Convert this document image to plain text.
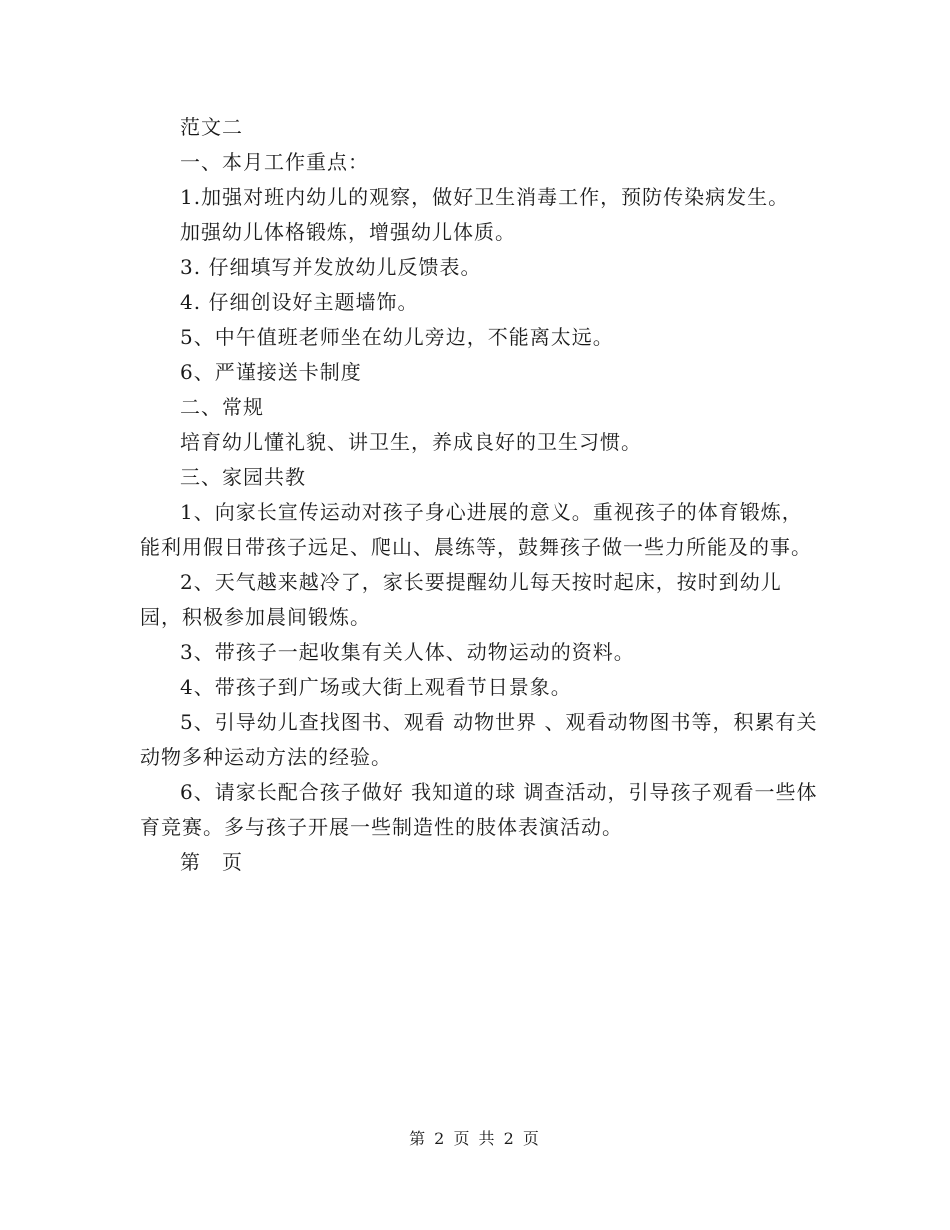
范文二

一、本月工作重点：

1.加强对班内幼儿的观察，做好卫生消毒工作，预防传染病发生。

加强幼儿体格锻炼，增强幼儿体质。

3. 仔细填写并发放幼儿反馈表。

4. 仔细创设好主题墙饰。

5、中午值班老师坐在幼儿旁边，不能离太远。

6、严谨接送卡制度

二、常规

培育幼儿懂礼貌、讲卫生，养成良好的卫生习惯。

三、家园共教

1、向家长宣传运动对孩子身心进展的意义。重视孩子的体育锻炼，能利用假日带孩子远足、爬山、晨练等，鼓舞孩子做一些力所能及的事。

2、天气越来越冷了，家长要提醒幼儿每天按时起床，按时到幼儿园，积极参加晨间锻炼。

3、带孩子一起收集有关人体、动物运动的资料。

4、带孩子到广场或大街上观看节日景象。

5、引导幼儿查找图书、观看 动物世界 、观看动物图书等，积累有关动物多种运动方法的经验。

6、请家长配合孩子做好 我知道的球 调查活动，引导孩子观看一些体育竞赛。多与孩子开展一些制造性的肢体表演活动。

第　页

第 2 页 共 2 页
